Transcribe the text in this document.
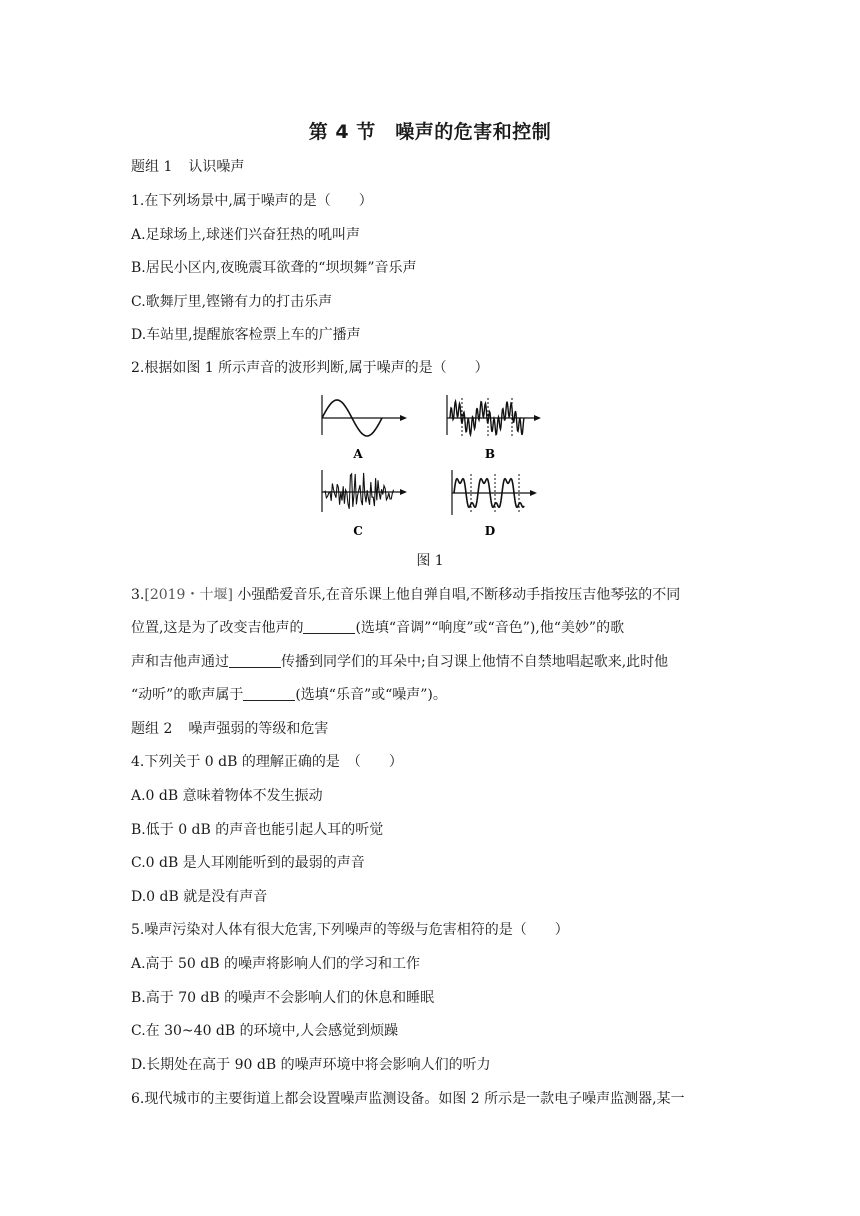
第 4 节　噪声的危害和控制
题组 1 认识噪声
1.在下列场景中,属于噪声的是（　　）
A.足球场上,球迷们兴奋狂热的吼叫声
B.居民小区内,夜晚震耳欲聋的“坝坝舞”音乐声
C.歌舞厅里,铿锵有力的打击乐声
D.车站里,提醒旅客检票上车的广播声
2.根据如图 1 所示声音的波形判断,属于噪声的是（　　）
A	B
C	D
图 1
3.[2019・十堰] 小强酷爱音乐,在音乐课上他自弹自唱,不断移动手指按压吉他琴弦的不同
位置,这是为了改变吉他声的	(选填“音调”“响度”或“音色”),他“美妙”的歌
声和吉他声通过	传播到同学们的耳朵中;自习课上他情不自禁地唱起歌来,此时他
“动听”的歌声属于	(选填“乐音”或“噪声”)。
题组 2 噪声强弱的等级和危害
4.下列关于 0 dB 的理解正确的是　（　　）
A.0 dB 意味着物体不发生振动
B.低于 0 dB 的声音也能引起人耳的听觉
C.0 dB 是人耳刚能听到的最弱的声音
D.0 dB 就是没有声音
5.噪声污染对人体有很大危害,下列噪声的等级与危害相符的是（　　）
A.高于 50 dB 的噪声将影响人们的学习和工作
B.高于 70 dB 的噪声不会影响人们的休息和睡眠
C.在 30~40 dB 的环境中,人会感觉到烦躁
D.长期处在高于 90 dB 的噪声环境中将会影响人们的听力
6.现代城市的主要街道上都会设置噪声监测设备。如图 2 所示是一款电子噪声监测器,某一
